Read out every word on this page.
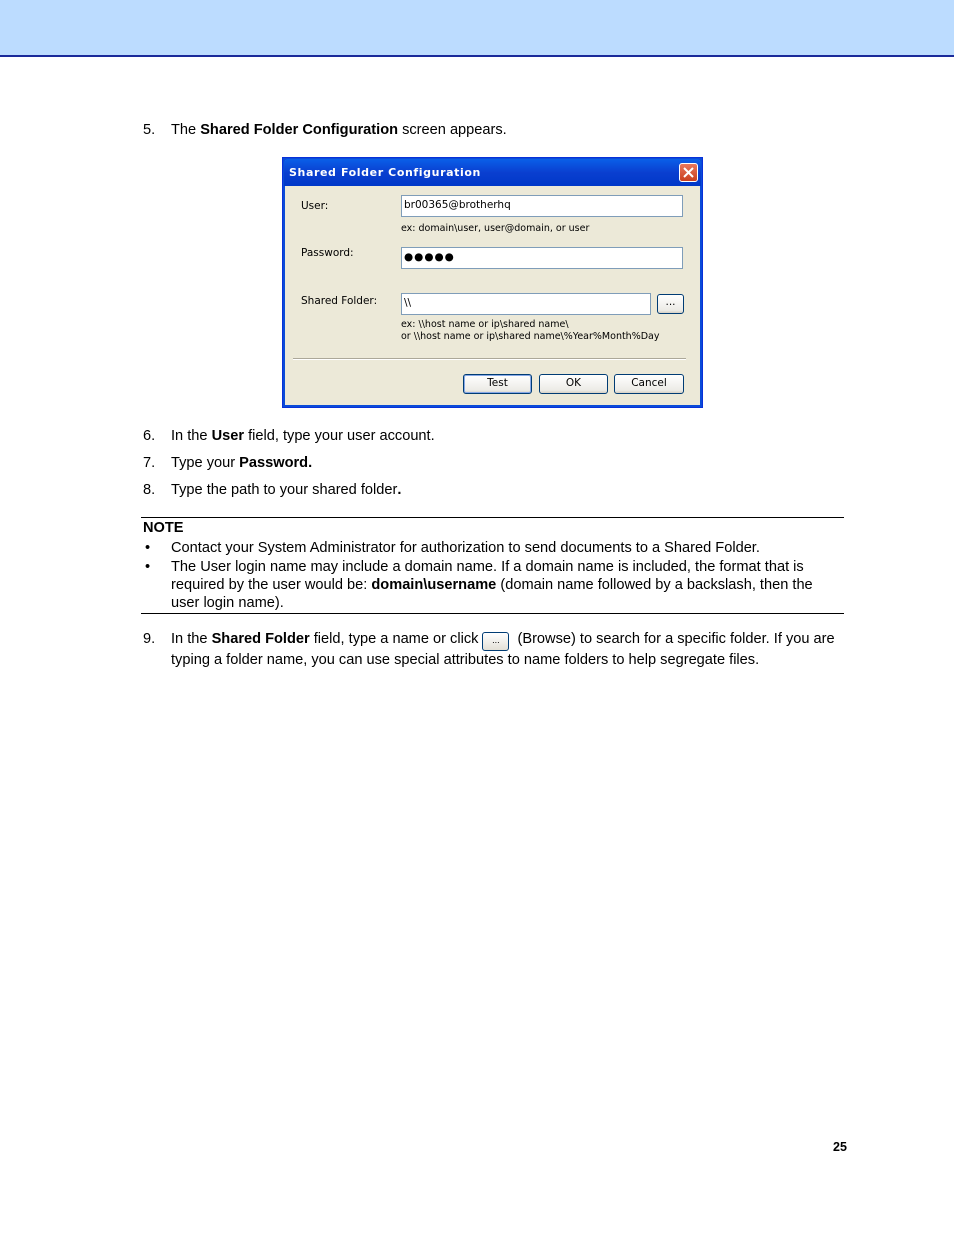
5. The Shared Folder Configuration screen appears.
Shared Folder Configuration
User:	br00365@brotherhq
ex: domain\user, user@domain, or user
Password:	●●●●●
Shared Folder:	\\	...
ex: \\host name or ip\shared name\
or \\host name or ip\shared name\%Year%Month%Day
Test	OK	Cancel
6. In the User field, type your user account.
7. Type your Password.
8. Type the path to your shared folder.
NOTE
• Contact your System Administrator for authorization to send documents to a Shared Folder.
• The User login name may include a domain name. If a domain name is included, the format that is required by the user would be: domain\username (domain name followed by a backslash, then the user login name).
9. In the Shared Folder field, type a name or click ... (Browse) to search for a specific folder. If you are typing a folder name, you can use special attributes to name folders to help segregate files.
25
